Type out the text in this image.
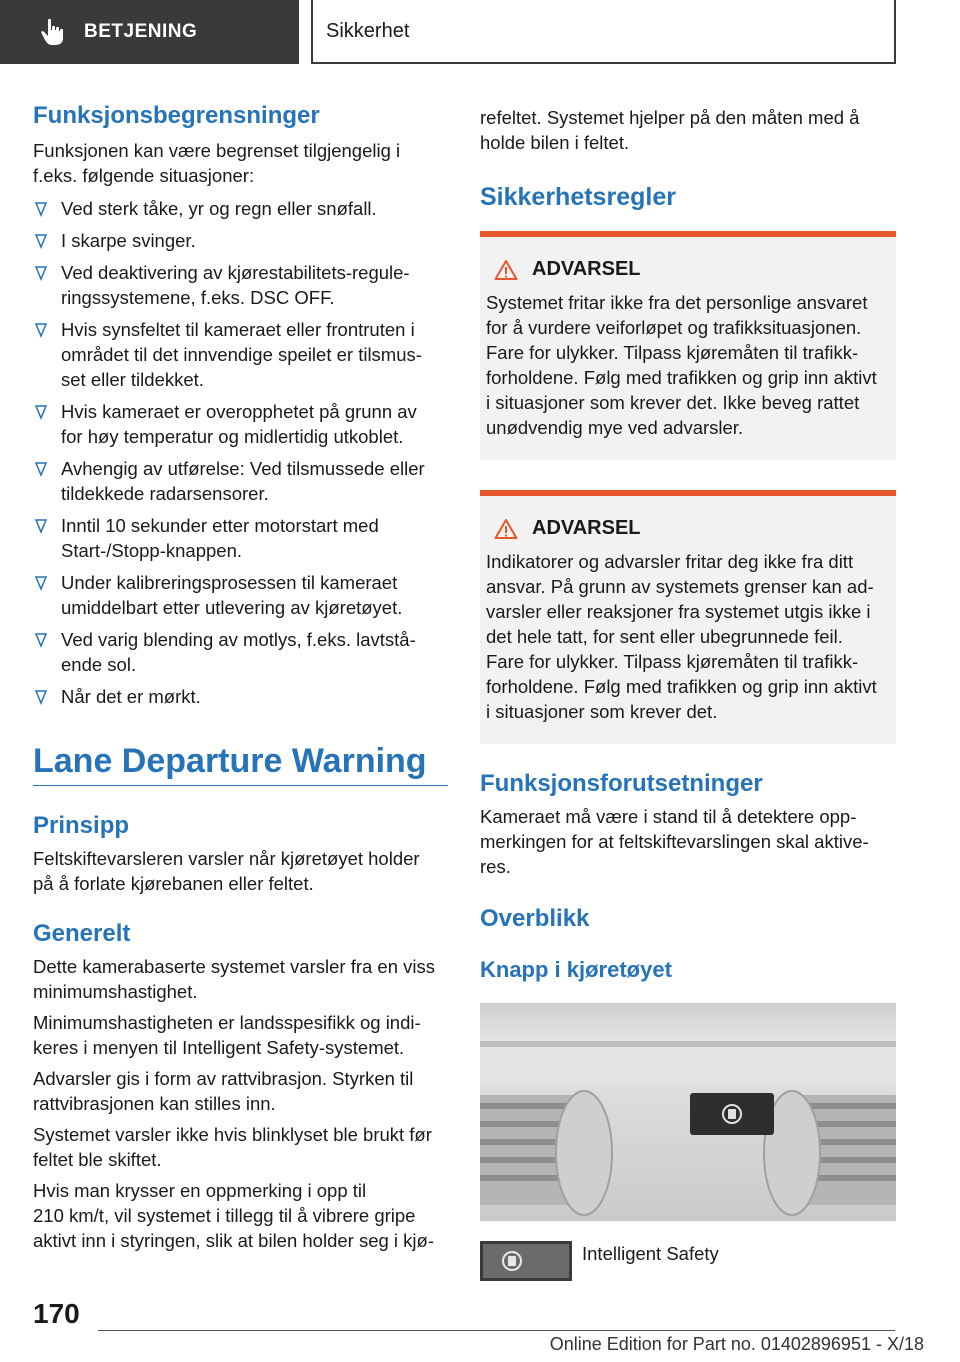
BETJENING	Sikkerhet
Funksjonsbegrensninger

Funksjonen kan være begrenset tilgjengelig i
f.eks. følgende situasjoner:

Ved sterk tåke, yr og regn eller snøfall.
I skarpe svinger.
Ved deaktivering av kjørestabilitets-regule-
ringssystemene, f.eks. DSC OFF.
Hvis synsfeltet til kameraet eller frontruten i
området til det innvendige speilet er tilsmus-
set eller tildekket.
Hvis kameraet er overopphetet på grunn av
for høy temperatur og midlertidig utkoblet.
Avhengig av utførelse: Ved tilsmussede eller
tildekkede radarsensorer.
Inntil 10 sekunder etter motorstart med
Start-/Stopp-knappen.
Under kalibreringsprosessen til kameraet
umiddelbart etter utlevering av kjøretøyet.
Ved varig blending av motlys, f.eks. lavtstå-
ende sol.
Når det er mørkt.
Lane Departure Warning
Prinsipp

Feltskiftevarsleren varsler når kjøretøyet holder
på å forlate kjørebanen eller feltet.

Generelt

Dette kamerabaserte systemet varsler fra en viss
minimumshastighet.

Minimumshastigheten er landsspesifikk og indi-
keres i menyen til Intelligent Safety-systemet.

Advarsler gis i form av rattvibrasjon. Styrken til
rattvibrasjonen kan stilles inn.

Systemet varsler ikke hvis blinklyset ble brukt før
feltet ble skiftet.

Hvis man krysser en oppmerking i opp til
210 km/t, vil systemet i tillegg til å vibrere gripe
aktivt inn i styringen, slik at bilen holder seg i kjø-

refeltet. Systemet hjelper på den måten med å
holde bilen i feltet.

Sikkerhetsregler
ADVARSEL

Systemet fritar ikke fra det personlige ansvaret
for å vurdere veiforløpet og trafikksituasjonen.
Fare for ulykker. Tilpass kjøremåten til trafikk-
forholdene. Følg med trafikken og grip inn aktivt
i situasjoner som krever det. Ikke beveg rattet
unødvendig mye ved advarsler.

ADVARSEL

Indikatorer og advarsler fritar deg ikke fra ditt
ansvar. På grunn av systemets grenser kan ad-
varsler eller reaksjoner fra systemet utgis ikke i
det hele tatt, for sent eller ubegrunnede feil.
Fare for ulykker. Tilpass kjøremåten til trafikk-
forholdene. Følg med trafikken og grip inn aktivt
i situasjoner som krever det.

Funksjonsforutsetninger

Kameraet må være i stand til å detektere opp-
merkingen for at feltskiftevarslingen skal aktive-
res.

Overblikk
Knapp i kjøretøyet
Intelligent Safety
170
Online Edition for Part no. 01402896951 - X/18
